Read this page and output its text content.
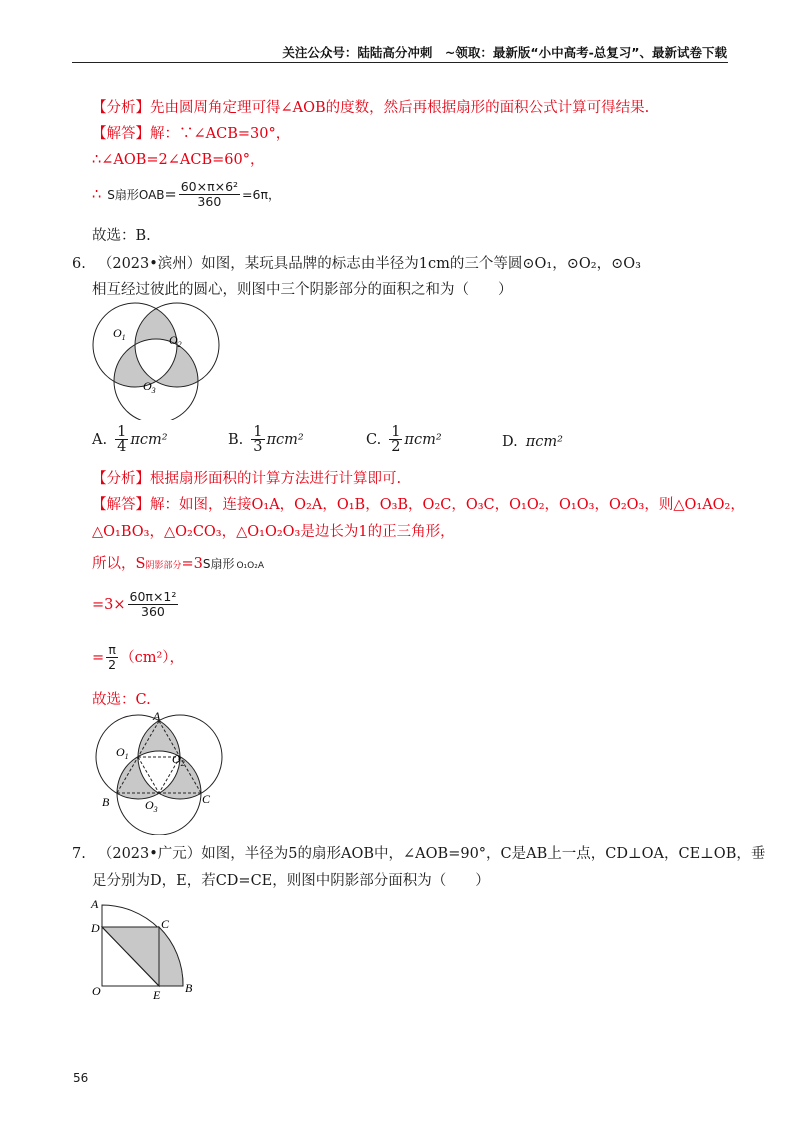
关注公众号：陆陆高分冲刺　~领取：最新版“小中高考-总复习”、最新试卷下载
【分析】先由圆周角定理可得∠AOB的度数，然后再根据扇形的面积公式计算可得结果.
【解答】解：∵∠ACB=30°，
∴∠AOB=2∠ACB=60°，
∴ S扇形OAB = $\frac{\text{60×π×6²}}{360} =6\pi$，
故选：B.
6. （2023•滨州）如图，某玩具品牌的标志由半径为1cm的三个等圆⊙O₁，⊙O₂，⊙O₃
相互经过彼此的圆心，则图中三个阴影部分的面积之和为（　　）
$O_1$	$O_2$
$O_3$
A. $\frac{1}{4} \pi cm^2$	B. $\frac{1}{3} \pi cm^2$	C. $\frac{1}{2} \pi cm^2$	D. πcm²
【分析】根据扇形面积的计算方法进行计算即可.
【解答】解：如图，连接O₁A，O₂A，O₁B，O₃B，O₂C，O₃C，O₁O₂，O₁O₃，O₂O₃，则△O₁AO₂，
△O₁BO₃，△O₂CO₃，△O₁O₂O₃是边长为1的正三角形，
所以，S 阴影部分 =3 S扇形 O₁O₂A
$=3\times \frac{\text{60π×1²}}{360}$
= $\frac{\pi}{2} (cm^2)$，
故选：C.
A
B	C
$O_1$	$O_2$
$O_3$
7. （2023•广元）如图，半径为5的扇形AOB中，∠AOB=90°，C是AB上一点，CD⊥OA，CE⊥OB，垂
足分别为D，E，若CD=CE，则图中阴影部分面积为（　　）
A
D	C
O	E B
56
